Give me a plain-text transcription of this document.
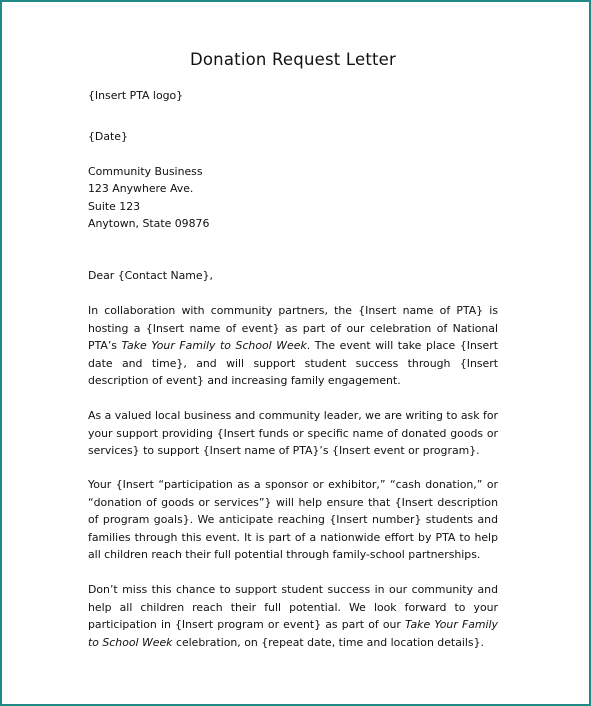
Donation Request Letter
{Insert PTA logo}
{Date}
Community Business
123 Anywhere Ave.
Suite 123
Anytown, State 09876
Dear {Contact Name},
In collaboration with community partners, the {Insert name of PTA} is hosting a {Insert name of event} as part of our celebration of National PTA’s Take Your Family to School Week. The event will take place {Insert date and time}, and will support student success through {Insert description of event} and increasing family engagement.
As a valued local business and community leader, we are writing to ask for your support providing {Insert funds or specific name of donated goods or services} to support {Insert name of PTA}’s {Insert event or program}.
Your {Insert “participation as a sponsor or exhibitor,” “cash donation,” or “donation of goods or services”} will help ensure that {Insert description of program goals}. We anticipate reaching {Insert number} students and families through this event. It is part of a nationwide effort by PTA to help all children reach their full potential through family-school partnerships.
Don’t miss this chance to support student success in our community and help all children reach their full potential. We look forward to your participation in {Insert program or event} as part of our Take Your Family to School Week celebration, on {repeat date, time and location details}.
